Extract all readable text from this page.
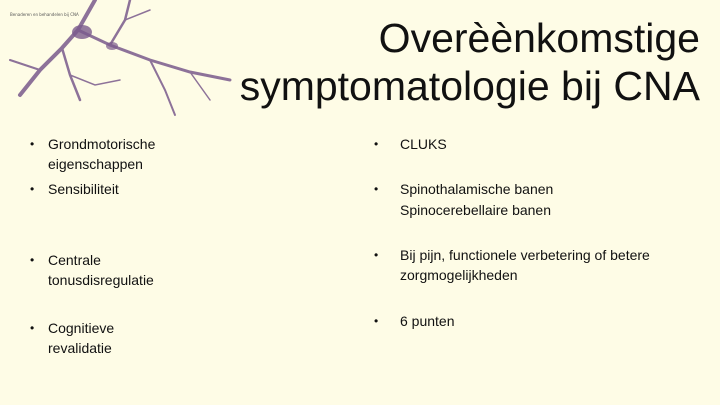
Benaderen en behandelen bij CNA
Overèènkomstige
symptomatologie bij CNA
• Grondmotorische eigenschappen
• Sensibiliteit
• Centrale tonusdisregulatie
• Cognitieve revalidatie
• CLUKS
• Spinothalamische banen
Spinocerebellaire banen
• Bij pijn, functionele verbetering of betere
zorgmogelijkheden
• 6 punten
